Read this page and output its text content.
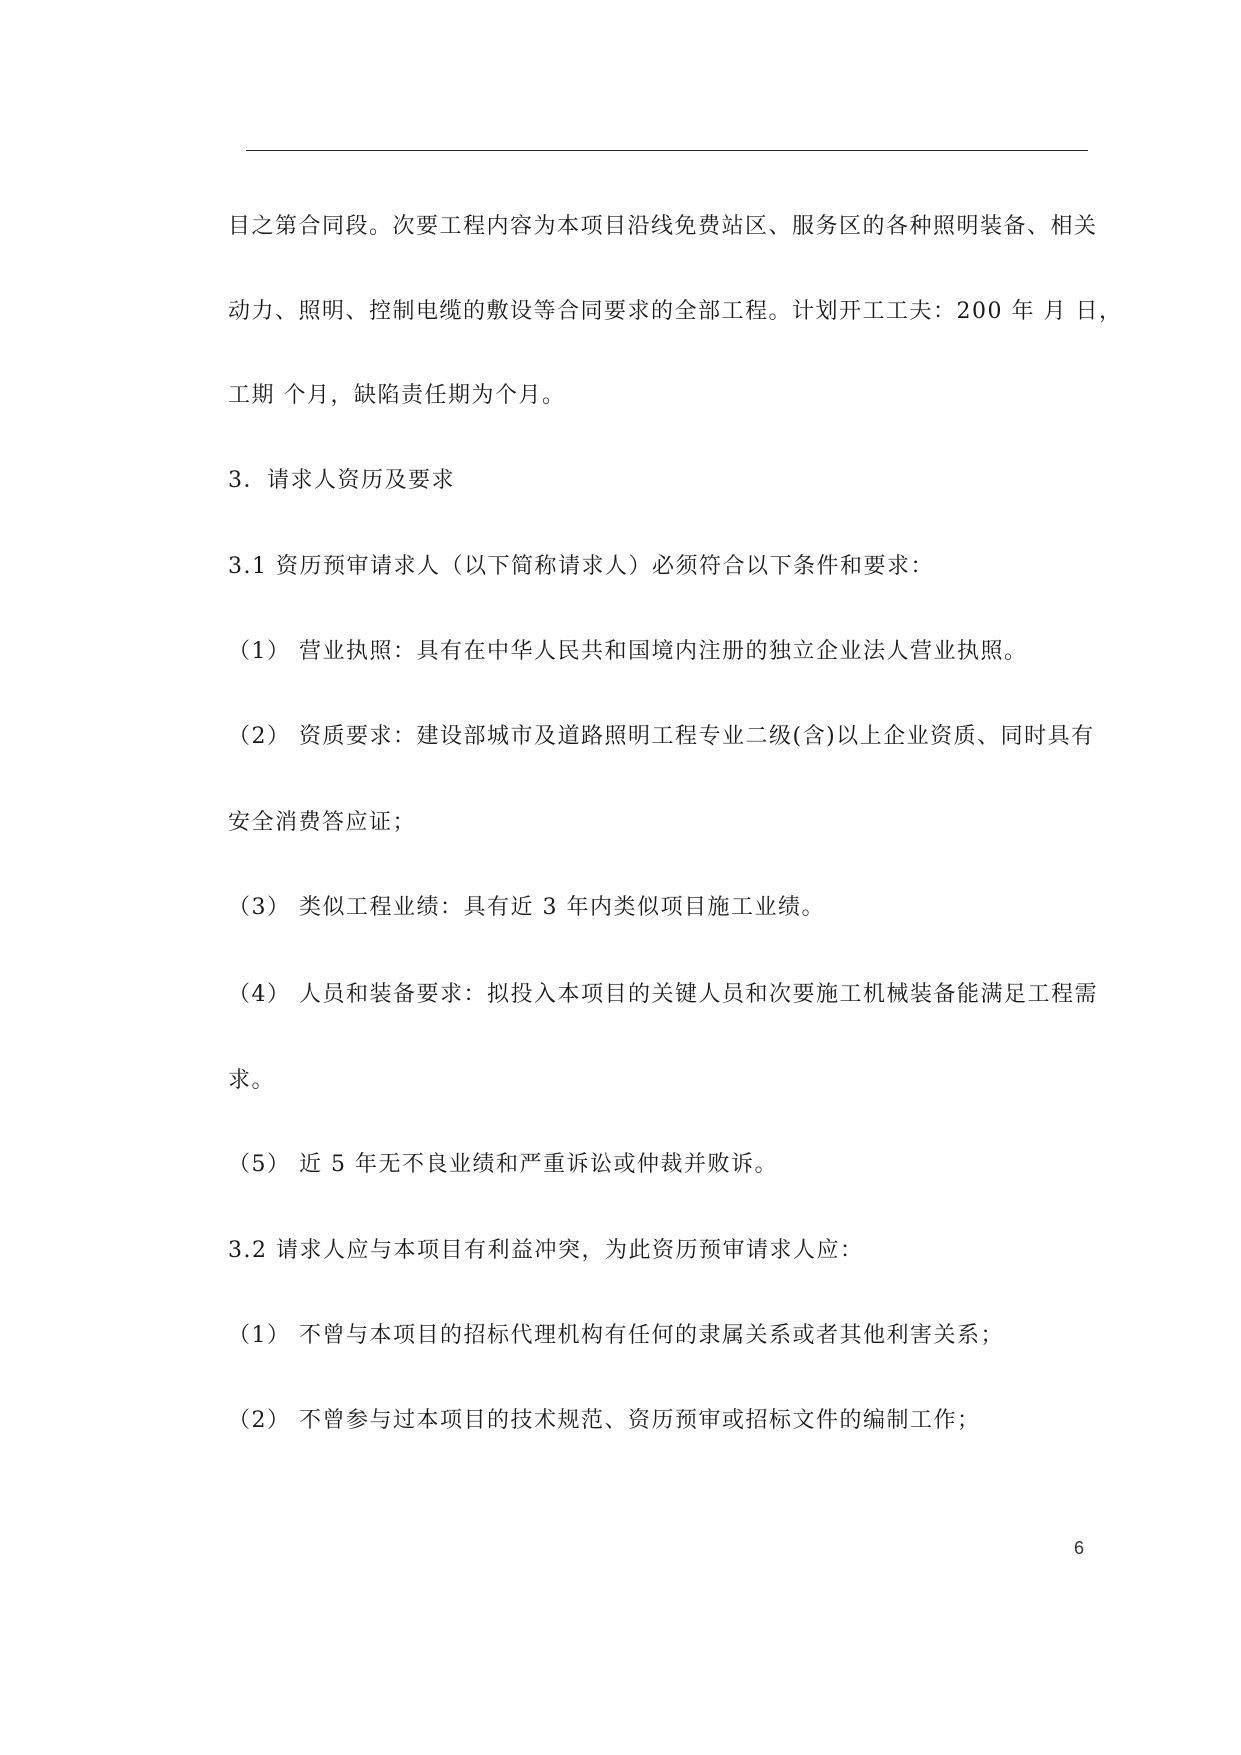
目之第合同段。次要工程内容为本项目沿线免费站区、服务区的各种照明装备、相关
动力、照明、控制电缆的敷设等合同要求的全部工程。计划开工工夫：200 年 月 日，
工期 个月，缺陷责任期为个月。
3．请求人资历及要求
3.1 资历预审请求人（以下简称请求人）必须符合以下条件和要求：
（1） 营业执照：具有在中华人民共和国境内注册的独立企业法人营业执照。
（2） 资质要求：建设部城市及道路照明工程专业二级(含)以上企业资质、同时具有
安全消费答应证；
（3） 类似工程业绩：具有近 3 年内类似项目施工业绩。
（4） 人员和装备要求：拟投入本项目的关键人员和次要施工机械装备能满足工程需
求。
（5） 近 5 年无不良业绩和严重诉讼或仲裁并败诉。
3.2 请求人应与本项目有利益冲突，为此资历预审请求人应：
（1） 不曾与本项目的招标代理机构有任何的隶属关系或者其他利害关系；
（2） 不曾参与过本项目的技术规范、资历预审或招标文件的编制工作；
6
